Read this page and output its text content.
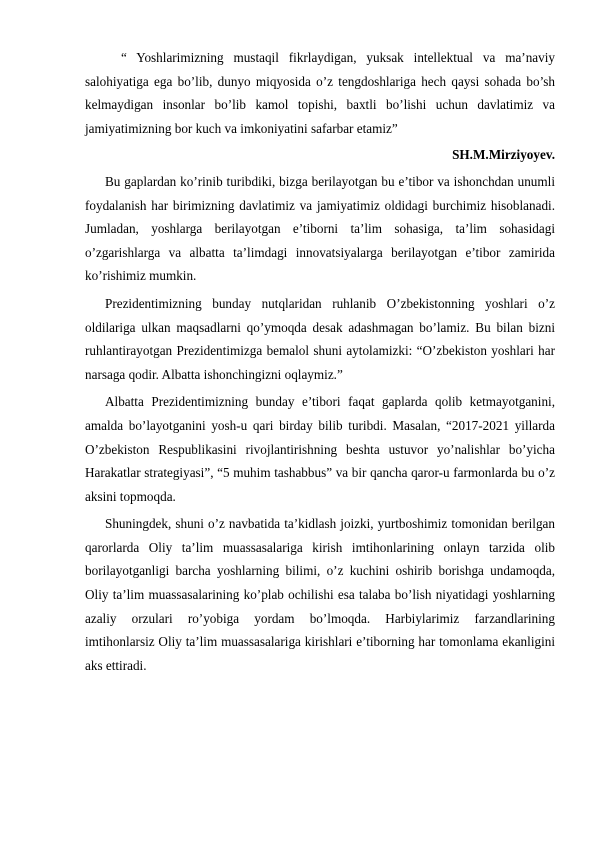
“ Yoshlarimizning mustaqil fikrlaydigan, yuksak intellektual va ma’naviy salohiyatiga ega bo’lib, dunyo miqyosida o’z tengdoshlariga hech qaysi sohada bo’sh kelmaydigan insonlar bo’lib kamol topishi, baxtli bo’lishi uchun davlatimiz va jamiyatimizning bor kuch va imkoniyatini safarbar etamiz”

SH.M.Mirziyoyev.

Bu gaplardan ko’rinib turibdiki, bizga berilayotgan bu e’tibor va ishonchdan unumli foydalanish har birimizning davlatimiz va jamiyatimiz oldidagi burchimiz hisoblanadi. Jumladan, yoshlarga berilayotgan e’tiborni ta’lim sohasiga, ta’lim sohasidagi o’zgarishlarga va albatta ta’limdagi innovatsiyalarga berilayotgan e’tibor zamirida ko’rishimiz mumkin.

Prezidentimizning bunday nutqlaridan ruhlanib O’zbekistonning yoshlari o’z oldilariga ulkan maqsadlarni qo’ymoqda desak adashmagan bo’lamiz. Bu bilan bizni ruhlantirayotgan Prezidentimizga bemalol shuni aytolamizki: “O’zbekiston yoshlari har narsaga qodir. Albatta ishonchingizni oqlaymiz.”

Albatta Prezidentimizning bunday e’tibori faqat gaplarda qolib ketmayotganini, amalda bo’layotganini yosh-u qari birday bilib turibdi. Masalan, “2017-2021 yillarda O’zbekiston Respublikasini rivojlantirishning beshta ustuvor yo’nalishlar bo’yicha Harakatlar strategiyasi”, “5 muhim tashabbus” va bir qancha qaror-u farmonlarda bu o’z aksini topmoqda.

Shuningdek, shuni o’z navbatida ta’kidlash joizki, yurtboshimiz tomonidan berilgan qarorlarda Oliy ta’lim muassasalariga kirish imtihonlarining onlayn tarzida olib borilayotganligi barcha yoshlarning bilimi, o’z kuchini oshirib borishga undamoqda, Oliy ta’lim muassasalarining ko’plab ochilishi esa talaba bo’lish niyatidagi yoshlarning azaliy orzulari ro’yobiga yordam bo’lmoqda. Harbiylarimiz farzandlarining imtihonlarsiz Oliy ta’lim muassasalariga kirishlari e’tiborning har tomonlama ekanligini aks ettiradi.
